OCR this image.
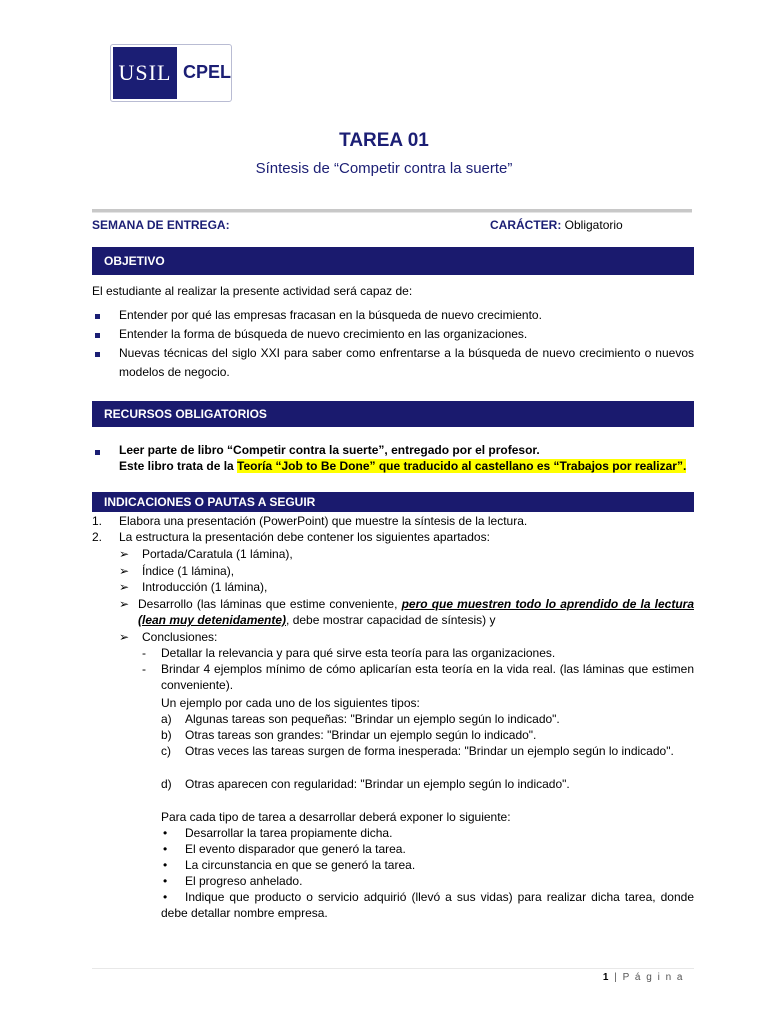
USIL CPEL
TAREA 01
Síntesis de “Competir contra la suerte”
SEMANA DE ENTREGA:	CARÁCTER: Obligatorio
OBJETIVO
El estudiante al realizar la presente actividad será capaz de:
Entender por qué las empresas fracasan en la búsqueda de nuevo crecimiento.
Entender la forma de búsqueda de nuevo crecimiento en las organizaciones.
Nuevas técnicas del siglo XXI para saber como enfrentarse a la búsqueda de nuevo crecimiento o nuevos modelos de negocio.
RECURSOS OBLIGATORIOS
Leer parte de libro “Competir contra la suerte”, entregado por el profesor.
Este libro trata de la Teoría “Job to Be Done” que traducido al castellano es “Trabajos por realizar”.
INDICACIONES O PAUTAS A SEGUIR
1. Elabora una presentación (PowerPoint) que muestre la síntesis de la lectura.
2. La estructura la presentación debe contener los siguientes apartados:
➢ Portada/Caratula (1 lámina),
➢ Índice (1 lámina),
➢ Introducción (1 lámina),
➢ Desarrollo (las láminas que estime conveniente, pero que muestren todo lo aprendido de la lectura (lean muy detenidamente), debe mostrar capacidad de síntesis) y
➢ Conclusiones:
- Detallar la relevancia y para qué sirve esta teoría para las organizaciones.
- Brindar 4 ejemplos mínimo de cómo aplicarían esta teoría en la vida real. (las láminas que estimen conveniente).
Un ejemplo por cada uno de los siguientes tipos:
a) Algunas tareas son pequeñas: "Brindar un ejemplo según lo indicado".
b) Otras tareas son grandes: "Brindar un ejemplo según lo indicado".
c) Otras veces las tareas surgen de forma inesperada: "Brindar un ejemplo según lo indicado".
d) Otras aparecen con regularidad: "Brindar un ejemplo según lo indicado".
Para cada tipo de tarea a desarrollar deberá exponer lo siguiente:
• Desarrollar la tarea propiamente dicha.
• El evento disparador que generó la tarea.
• La circunstancia en que se generó la tarea.
• El progreso anhelado.
•	Indique que producto o servicio adquirió (llevó a sus vidas) para realizar dicha tarea, donde debe detallar nombre empresa.
1 | P á g i n a
